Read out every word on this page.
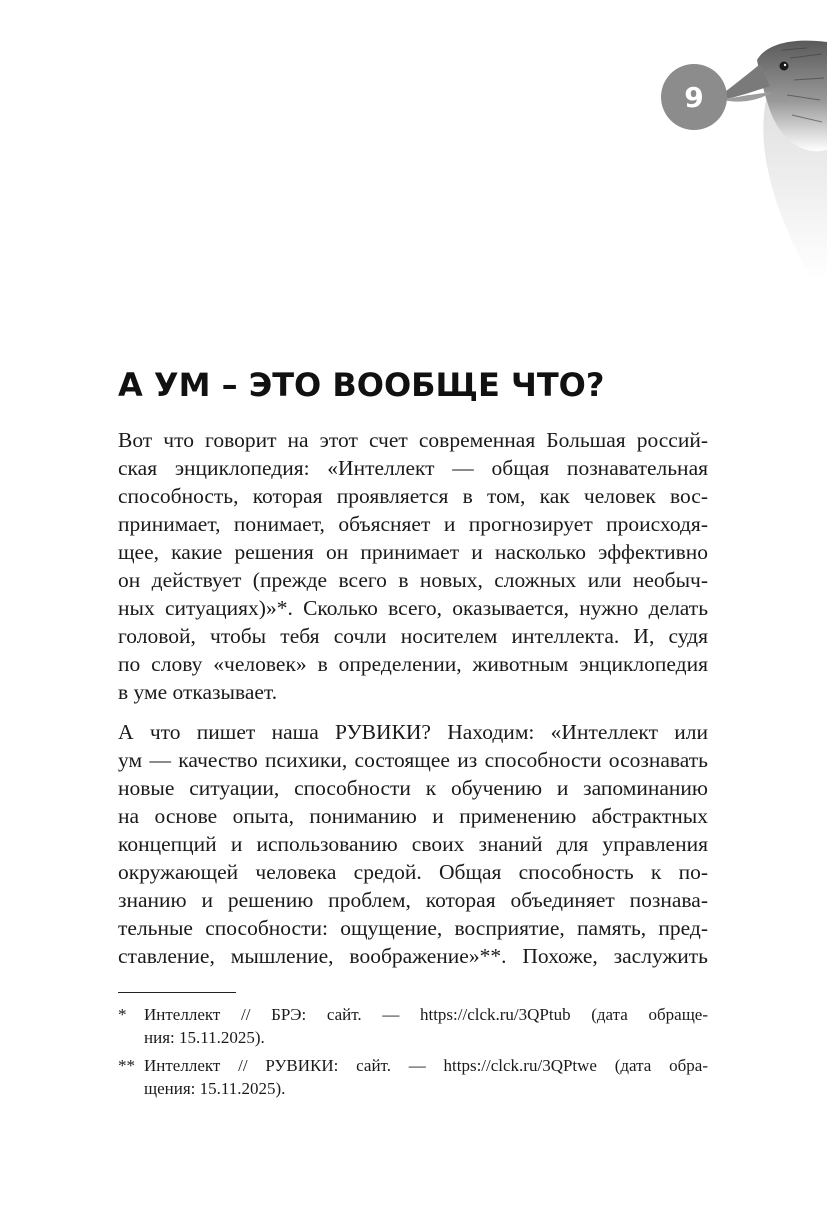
9
А УМ – ЭТО ВООБЩЕ ЧТО?

Вот что говорит на этот счет современная Большая россий-
ская энциклопедия: «Интеллект — общая познавательная
способность, которая проявляется в том, как человек вос-
принимает, понимает, объясняет и прогнозирует происходя-
щее, какие решения он принимает и насколько эффективно
он действует (прежде всего в новых, сложных или необыч-
ных ситуациях)»*. Сколько всего, оказывается, нужно делать
головой, чтобы тебя сочли носителем интеллекта. И, судя
по слову «человек» в определении, животным энциклопедия
в уме отказывает.

А что пишет наша РУВИКИ? Находим: «Интеллект или
ум — качество психики, состоящее из способности осознавать
новые ситуации, способности к обучению и запоминанию
на основе опыта, пониманию и применению абстрактных
концепций и использованию своих знаний для управления
окружающей человека средой. Общая способность к по-
знанию и решению проблем, которая объединяет познава-
тельные способности: ощущение, восприятие, память, пред-
ставление, мышление, воображение»**. Похоже, заслужить

* Интеллект // БРЭ: сайт. — https://clck.ru/3QPtub (дата обраще-
ния: 15.11.2025).
** Интеллект // РУВИКИ: сайт. — https://clck.ru/3QPtwe (дата обра-
щения: 15.11.2025).
